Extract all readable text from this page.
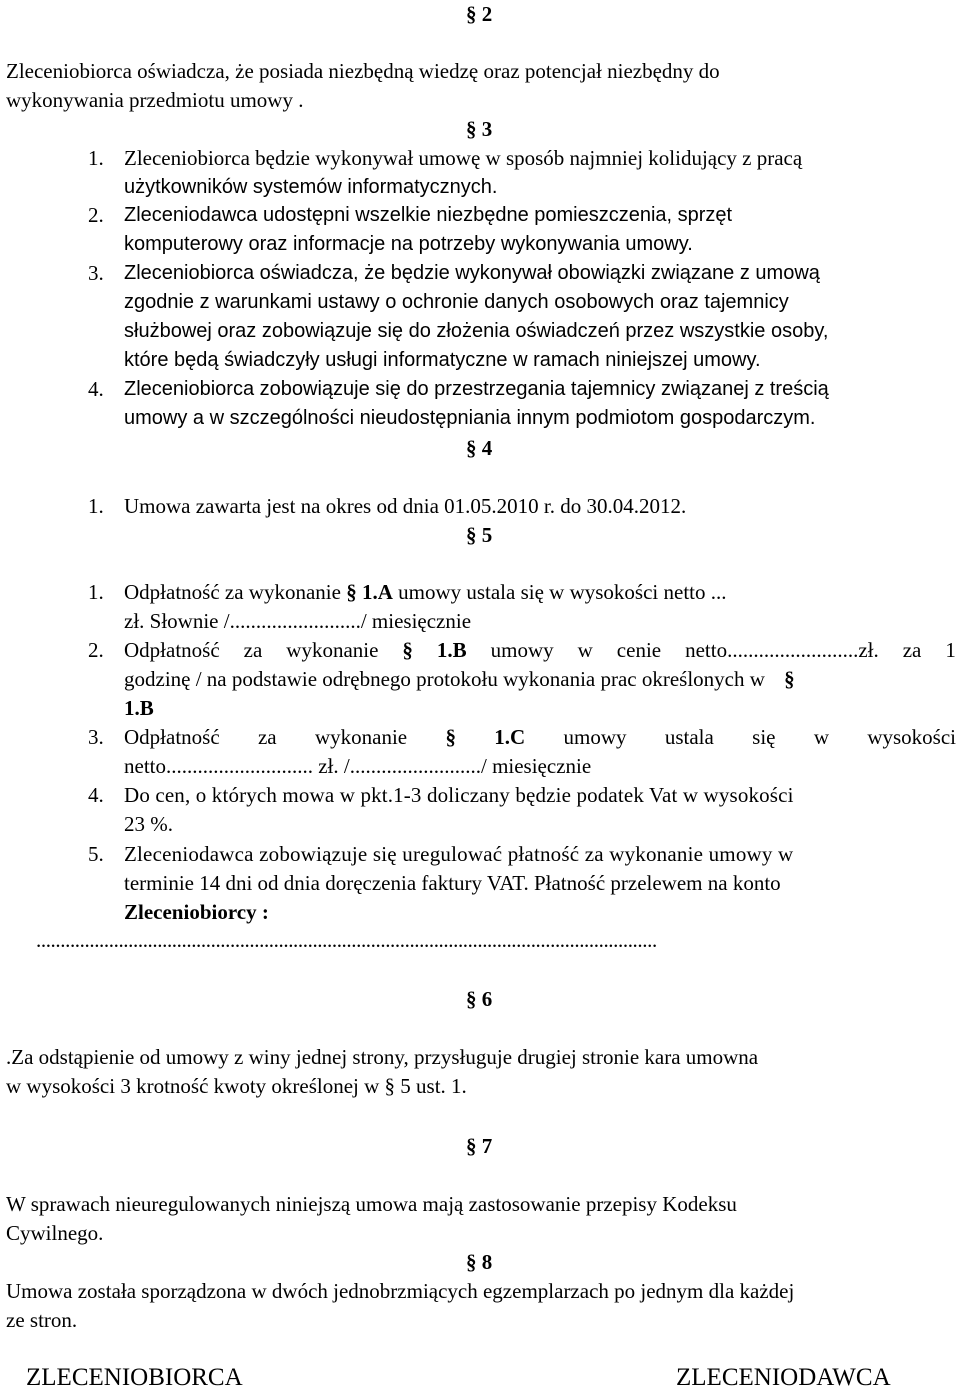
§ 2
Zleceniobiorca oświadcza, że posiada niezbędną wiedzę oraz potencjał niezbędny do
wykonywania przedmiotu umowy .
§ 3
1. Zleceniobiorca będzie wykonywał umowę w sposób najmniej kolidujący z pracą
użytkowników systemów informatycznych.
2. Zleceniodawca udostępni wszelkie niezbędne pomieszczenia, sprzęt
komputerowy oraz informacje na potrzeby wykonywania umowy.
3. Zleceniobiorca oświadcza, że będzie wykonywał obowiązki związane z umową
zgodnie z warunkami ustawy o ochronie danych osobowych oraz tajemnicy
służbowej oraz zobowiązuje się do złożenia oświadczeń przez wszystkie osoby,
które będą świadczyły usługi informatyczne w ramach niniejszej umowy.
4. Zleceniobiorca zobowiązuje się do przestrzegania tajemnicy związanej z treścią
umowy a w szczególności nieudostępniania innym podmiotom gospodarczym.
§ 4
1. Umowa zawarta jest na okres od dnia 01.05.2010 r. do 30.04.2012.
§ 5
1. Odpłatność za wykonanie § 1.A umowy ustala się w wysokości netto ...
zł. Słownie /........................./ miesięcznie
2. Odpłatność za wykonanie § 1.B umowy w cenie netto.........................zł. za 1
godzinę / na podstawie odrębnego protokołu wykonania prac określonych w §
1.B
3. Odpłatność za wykonanie § 1.C umowy ustala się w wysokości
netto............................ zł. /........................./ miesięcznie
4. Do cen, o których mowa w pkt.1-3 doliczany będzie podatek Vat w wysokości
23 %.
5. Zleceniodawca zobowiązuje się uregulować płatność za wykonanie umowy w
terminie 14 dni od dnia doręczenia faktury VAT. Płatność przelewem na konto
Zleceniobiorcy :
................................................................................................................................
§ 6
.Za odstąpienie od umowy z winy jednej strony, przysługuje drugiej stronie kara umowna
w wysokości 3 krotność kwoty określonej w § 5 ust. 1.
§ 7
W sprawach nieuregulowanych niniejszą umowa mają zastosowanie przepisy Kodeksu
Cywilnego.
§ 8
Umowa została sporządzona w dwóch jednobrzmiących egzemplarzach po jednym dla każdej
ze stron.
ZLECENIOBIORCA	ZLECENIODAWCA
